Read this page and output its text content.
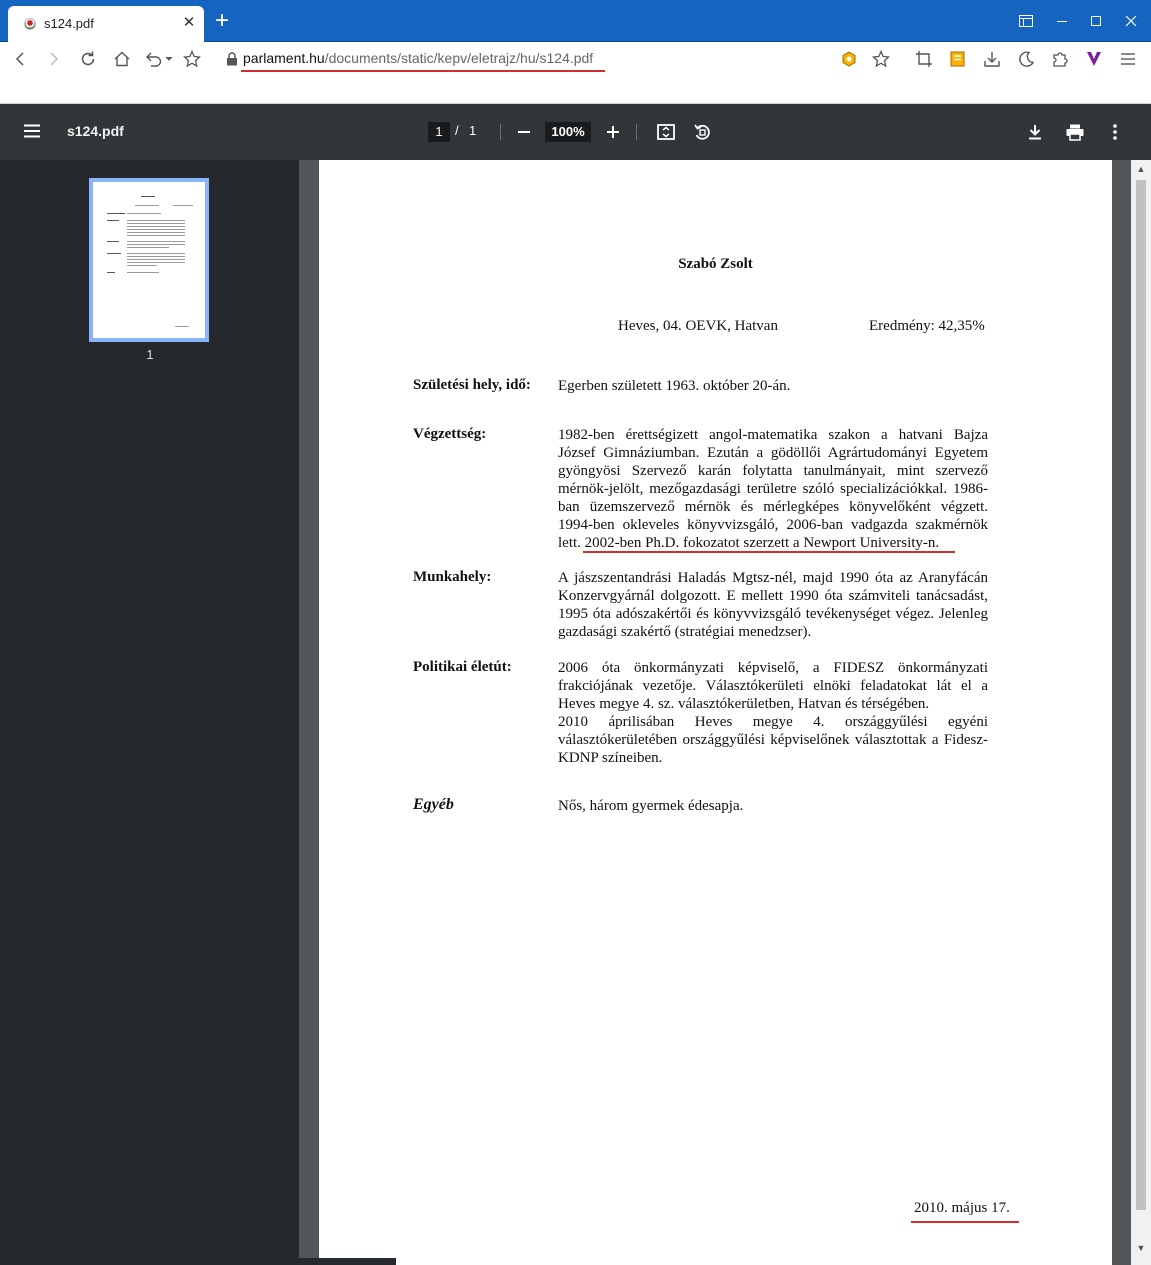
s124.pdf	✕ +
parlament.hu/documents/static/kepv/eletrajz/hu/s124.pdf
s124.pdf	1 / 1	100%
1
Szabó Zsolt
Heves, 04. OEVK, Hatvan	Eredmény: 42,35%
Születési hely, idő: Egerben született 1963. október 20-án.
Végzettség:	1982-ben érettségizett angol-matematika szakon a hatvani Bajza
József Gimnáziumban. Ezután a gödöllői Agrártudományi Egyetem
gyöngyösi Szervező karán folytatta tanulmányait, mint szervező
mérnök-jelölt, mezőgazdasági területre szóló specializációkkal. 1986-
ban üzemszervező mérnök és mérlegképes könyvelőként végzett.
1994-ben okleveles könyvvizsgáló, 2006-ban vadgazda szakmérnök
lett. 2002-ben Ph.D. fokozatot szerzett a Newport University-n.
Munkahely:	A jászszentandrási Haladás Mgtsz-nél, majd 1990 óta az Aranyfácán
Konzervgyárnál dolgozott. E mellett 1990 óta számviteli tanácsadást,
1995 óta adószakértői és könyvvizsgáló tevékenységet végez. Jelenleg
gazdasági szakértő (stratégiai menedzser).
Politikai életút:	2006 óta önkormányzati képviselő, a FIDESZ önkormányzati
frakciójának vezetője. Választókerületi elnöki feladatokat lát el a
Heves megye 4. sz. választókerületben, Hatvan és térségében.
2010 áprilisában Heves megye 4. országgyűlési egyéni
választókerületében országgyűlési képviselőnek választottak a Fidesz-
KDNP színeiben.
Egyéb	Nős, három gyermek édesapja.
2010. május 17.
▲
▼
